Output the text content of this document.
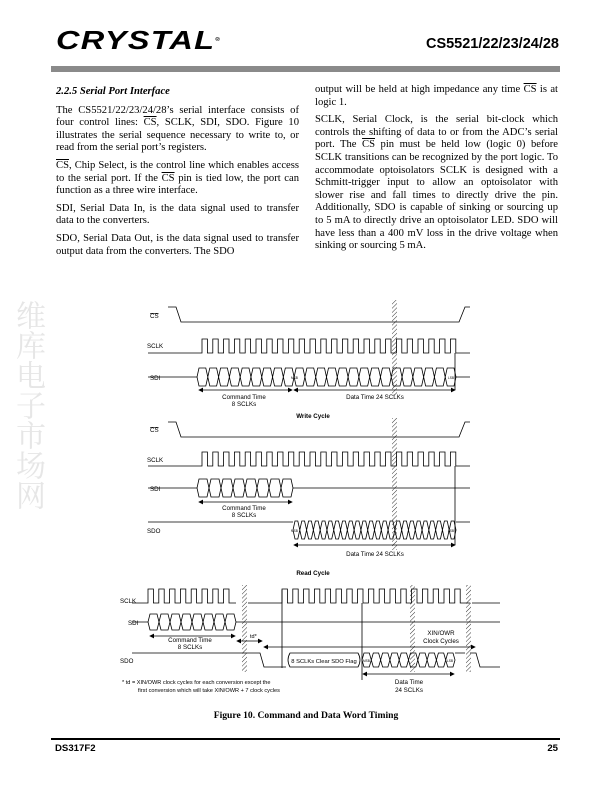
CRYSTAL®	CS5521/22/23/24/28
2.2.5 Serial Port Interface

The CS5521/22/23/24/28’s serial interface consists of four control lines: $\overline{CS}$, SCLK, SDI, SDO. Figure 10 illustrates the serial sequence necessary to write to, or read from the serial port’s registers.

$\overline{CS}$, Chip Select, is the control line which enables access to the serial port. If the $\overline{CS}$ pin is tied low, the port can function as a three wire interface.

SDI, Serial Data In, is the data signal used to transfer data to the converters.

SDO, Serial Data Out, is the data signal used to transfer output data from the converters. The SDO

output will be held at high impedance any time $\overline{CS}$ is at logic 1.

SCLK, Serial Clock, is the serial bit-clock which controls the shifting of data to or from the ADC’s serial port. The $\overline{CS}$ pin must be held low (logic 0) before SCLK transitions can be recognized by the port logic. To accommodate optoisolators SCLK is designed with a Schmitt-trigger input to allow an optoisolator with slower rise and fall times to directly drive the pin. Additionally, SDO is capable of sinking or sourcing up to 5 mA to directly drive an optoisolator LED. SDO will have less than a 400 mV loss in the drive voltage when sinking or sourcing 5 mA.

维库电子市场网	CS
SCLK
SDI
Command Time
8 SCLKs
Data Time 24 SCLKs
Write Cycle
CS
SCLK
SDI
SDO
Command Time
8 SCLKs
Data Time 24 SCLKs
Read Cycle
SCLK
SDI
SDO
Command Time
8 SCLKs
td*	XIN/OWR
Clock Cycles
8 SCLKs Clear SDO Flag
Data Time
24 SCLKs
* td = XIN/OWR clock cycles for each conversion except the
first conversion which will take XIN/OWR + 7 clock cycles
MSB	LSB
MSB	LSB
MSB	LSB
Figure 10. Command and Data Word Timing
DS317F2	25
